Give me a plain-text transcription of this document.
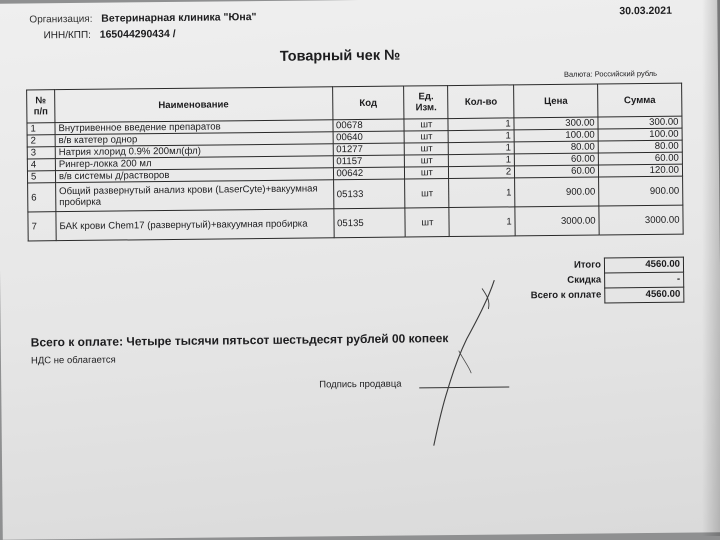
Организация: Ветеринарная клиника "Юна"
ИНН/КПП: 165044290434 /
30.03.2021
Товарный чек №
Валюта: Российский рубль
№ п/п	Наименование	Код	Ед. Изм.	Кол-во	Цена	Сумма
1	Внутривенное введение препаратов	00678	шт	1	300.00	300.00
2	в/в катетер однор	00640	шт	1	100.00	100.00
3	Натрия хлорид 0.9% 200мл(фл)	01277	шт	1	80.00	80.00
4	Рингер-локка 200 мл	01157	шт	1	60.00	60.00
5	в/в системы д/растворов	00642	шт	2	60.00	120.00
6	Общий развернутый анализ крови (LaserCyte)+вакуумная пробирка	05133	шт	1	900.00	900.00
7	БАК крови Chem17 (развернутый)+вакуумная пробирка	05135	шт	1	3000.00	3000.00
Итого	4560.00
Скидка	-
Всего к оплате	4560.00
Всего к оплате: Четыре тысячи пятьсот шестьдесят рублей 00 копеек
НДС не облагается
Подпись продавца
